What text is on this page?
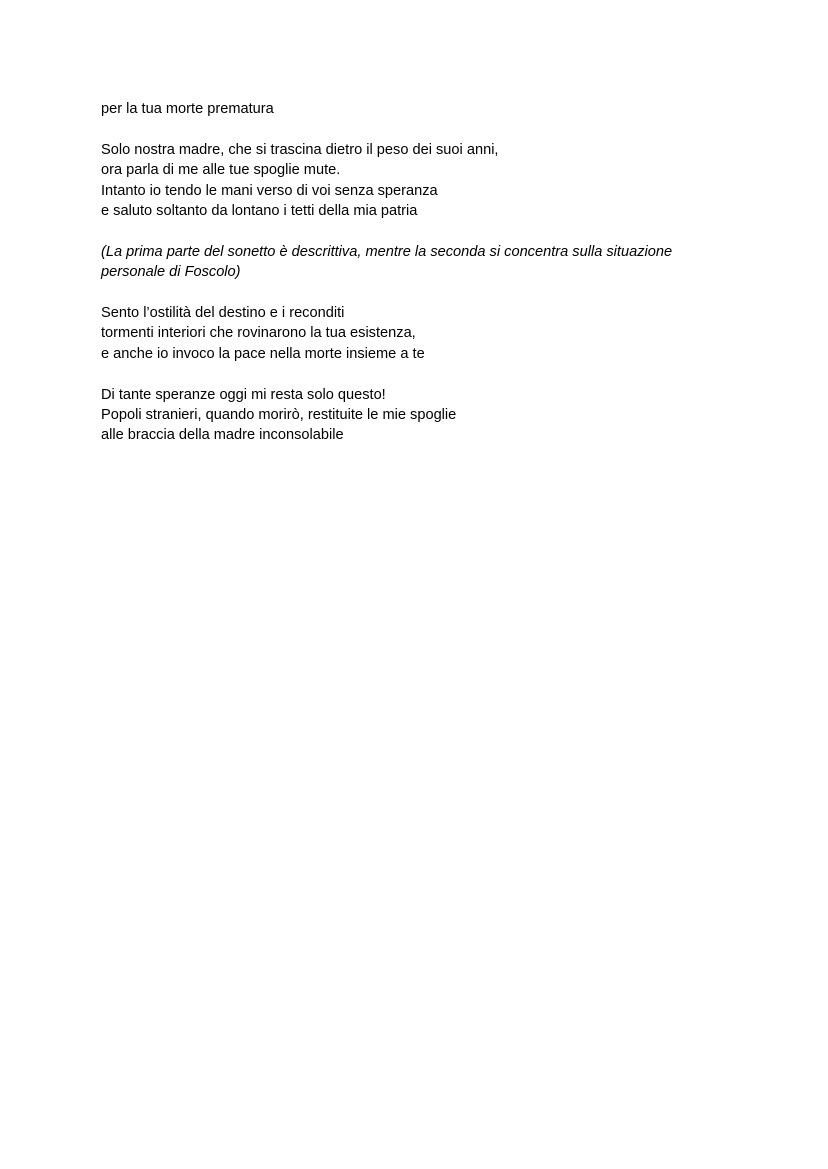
per la tua morte prematura
Solo nostra madre, che si trascina dietro il peso dei suoi anni,
ora parla di me alle tue spoglie mute.
Intanto io tendo le mani verso di voi senza speranza
e saluto soltanto da lontano i tetti della mia patria
(La prima parte del sonetto è descrittiva, mentre la seconda si concentra sulla situazione
personale di Foscolo)
Sento l’ostilità del destino e i reconditi
tormenti interiori che rovinarono la tua esistenza,
e anche io invoco la pace nella morte insieme a te
Di tante speranze oggi mi resta solo questo!
Popoli stranieri, quando morirò, restituite le mie spoglie
alle braccia della madre inconsolabile
